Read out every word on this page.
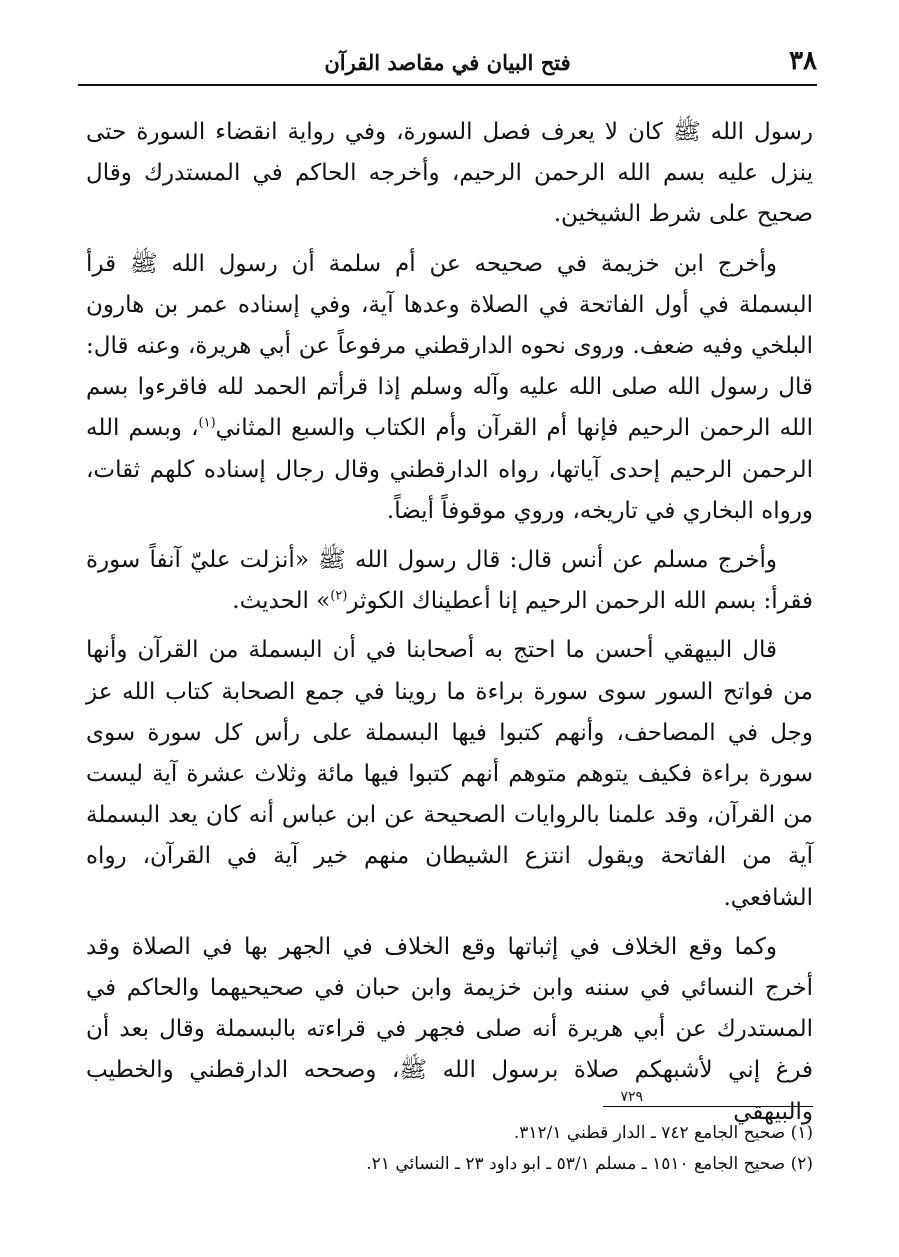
٣٨
فتح البيان في مقاصد القرآن

رسول الله ﷺ كان لا يعرف فصل السورة، وفي رواية انقضاء السورة حتى ينزل عليه بسم الله الرحمن الرحيم، وأخرجه الحاكم في المستدرك وقال صحيح على شرط الشيخين.

وأخرج ابن خزيمة في صحيحه عن أم سلمة أن رسول الله ﷺ قرأ البسملة في أول الفاتحة في الصلاة وعدها آية، وفي إسناده عمر بن هارون البلخي وفيه ضعف. وروى نحوه الدارقطني مرفوعاً عن أبي هريرة، وعنه قال: قال رسول الله صلى الله عليه وآله وسلم إذا قرأتم الحمد لله فاقرءوا بسم الله الرحمن الرحيم فإنها أم القرآن وأم الكتاب والسبع المثاني$^{(١)}$، وبسم الله الرحمن الرحيم إحدى آياتها، رواه الدارقطني وقال رجال إسناده كلهم ثقات، ورواه البخاري في تاريخه، وروي موقوفاً أيضاً.

وأخرج مسلم عن أنس قال: قال رسول الله ﷺ «أنزلت عليّ آنفاً سورة فقرأ: بسم الله الرحمن الرحيم إنا أعطيناك الكوثر$^{(٢)}$» الحديث.

قال البيهقي أحسن ما احتج به أصحابنا في أن البسملة من القرآن وأنها من فواتح السور سوى سورة براءة ما روينا في جمع الصحابة كتاب الله عز وجل في المصاحف، وأنهم كتبوا فيها البسملة على رأس كل سورة سوى سورة براءة فكيف يتوهم متوهم أنهم كتبوا فيها مائة وثلاث عشرة آية ليست من القرآن، وقد علمنا بالروايات الصحيحة عن ابن عباس أنه كان يعد البسملة آية من الفاتحة ويقول انتزع الشيطان منهم خير آية في القرآن، رواه الشافعي.

وكما وقع الخلاف في إثباتها وقع الخلاف في الجهر بها في الصلاة وقد أخرج النسائي في سننه وابن خزيمة وابن حبان في صحيحيهما والحاكم في المستدرك عن أبي هريرة أنه صلى فجهر في قراءته بالبسملة وقال بعد أن فرغ إني لأشبهكم صلاة برسول الله ﷺ، وصححه الدارقطني والخطيب والبيهقي

٧٢٩
(١) صحيح الجامع ٧٤٢ ـ الدار قطني ٣١٢/١.
(٢) صحيح الجامع ١٥١٠ ـ مسلم ٥٣/١ ـ ابو داود ٢٣ ـ النسائي ٢١.
